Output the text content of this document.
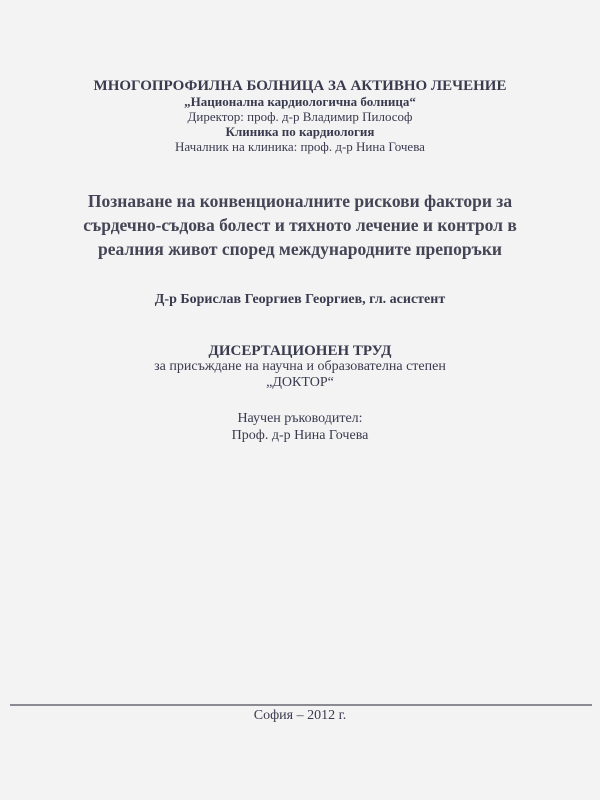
МНОГОПРОФИЛНА БОЛНИЦА ЗА АКТИВНО ЛЕЧЕНИЕ
„Национална кардиологична болница“
Директор: проф. д-р Владимир Пилософ
Клиника по кардиология
Началник на клиника: проф. д-р Нина Гочева
Познаване на конвенционалните рискови фактори за
сърдечно-съдова болест и тяхното лечение и контрол в
реалния живот според международните препоръки
Д-р Борислав Георгиев Георгиев, гл. асистент
ДИСЕРТАЦИОНЕН ТРУД
за присъждане на научна и образователна степен
„ДОКТОР“
Научен ръководител:
Проф. д-р Нина Гочева
София – 2012 г.
